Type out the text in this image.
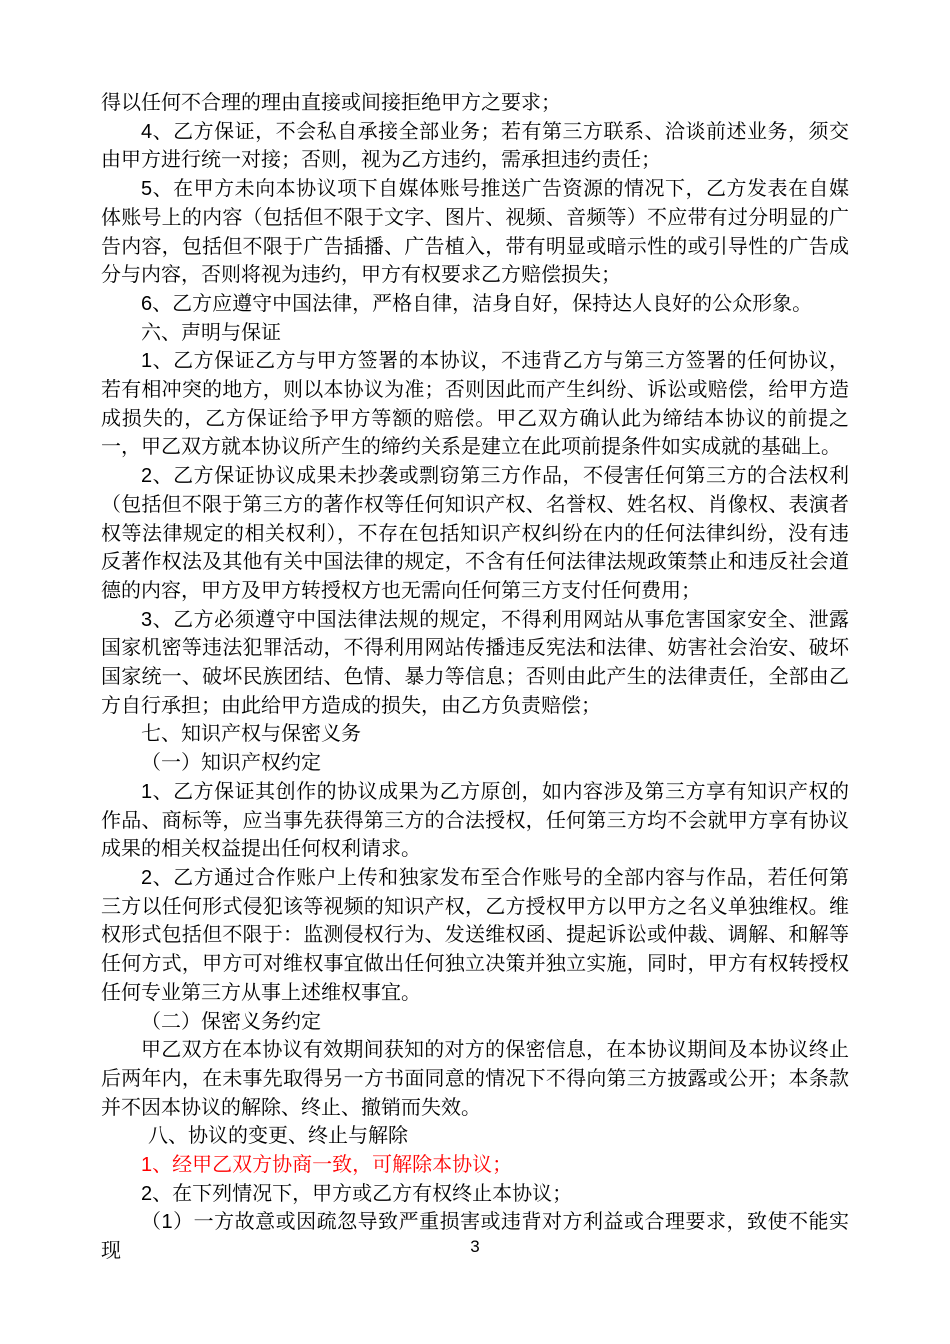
得以任何不合理的理由直接或间接拒绝甲方之要求；

4、乙方保证，不会私自承接全部业务；若有第三方联系、洽谈前述业务，须交由甲方进行统一对接；否则，视为乙方违约，需承担违约责任；

5、在甲方未向本协议项下自媒体账号推送广告资源的情况下，乙方发表在自媒体账号上的内容（包括但不限于文字、图片、视频、音频等）不应带有过分明显的广告内容，包括但不限于广告插播、广告植入，带有明显或暗示性的或引导性的广告成分与内容，否则将视为违约，甲方有权要求乙方赔偿损失；

6、乙方应遵守中国法律，严格自律，洁身自好，保持达人良好的公众形象。

六、声明与保证

1、乙方保证乙方与甲方签署的本协议，不违背乙方与第三方签署的任何协议，若有相冲突的地方，则以本协议为准；否则因此而产生纠纷、诉讼或赔偿，给甲方造成损失的，乙方保证给予甲方等额的赔偿。甲乙双方确认此为缔结本协议的前提之一，甲乙双方就本协议所产生的缔约关系是建立在此项前提条件如实成就的基础上。

2、乙方保证协议成果未抄袭或剽窃第三方作品，不侵害任何第三方的合法权利（包括但不限于第三方的著作权等任何知识产权、名誉权、姓名权、肖像权、表演者权等法律规定的相关权利），不存在包括知识产权纠纷在内的任何法律纠纷，没有违反著作权法及其他有关中国法律的规定，不含有任何法律法规政策禁止和违反社会道德的内容，甲方及甲方转授权方也无需向任何第三方支付任何费用；

3、乙方必须遵守中国法律法规的规定，不得利用网站从事危害国家安全、泄露国家机密等违法犯罪活动，不得利用网站传播违反宪法和法律、妨害社会治安、破坏国家统一、破坏民族团结、色情、暴力等信息；否则由此产生的法律责任，全部由乙方自行承担；由此给甲方造成的损失，由乙方负责赔偿；

七、知识产权与保密义务

（一）知识产权约定

1、乙方保证其创作的协议成果为乙方原创，如内容涉及第三方享有知识产权的作品、商标等，应当事先获得第三方的合法授权，任何第三方均不会就甲方享有协议成果的相关权益提出任何权利请求。

2、乙方通过合作账户上传和独家发布至合作账号的全部内容与作品，若任何第三方以任何形式侵犯该等视频的知识产权，乙方授权甲方以甲方之名义单独维权。维权形式包括但不限于：监测侵权行为、发送维权函、提起诉讼或仲裁、调解、和解等任何方式，甲方可对维权事宜做出任何独立决策并独立实施，同时，甲方有权转授权任何专业第三方从事上述维权事宜。

（二）保密义务约定

甲乙双方在本协议有效期间获知的对方的保密信息，在本协议期间及本协议终止后两年内，在未事先取得另一方书面同意的情况下不得向第三方披露或公开；本条款并不因本协议的解除、终止、撤销而失效。

八、协议的变更、终止与解除

1、经甲乙双方协商一致，可解除本协议；

2、在下列情况下，甲方或乙方有权终止本协议；

（1）一方故意或因疏忽导致严重损害或违背对方利益或合理要求，致使不能实现	3
